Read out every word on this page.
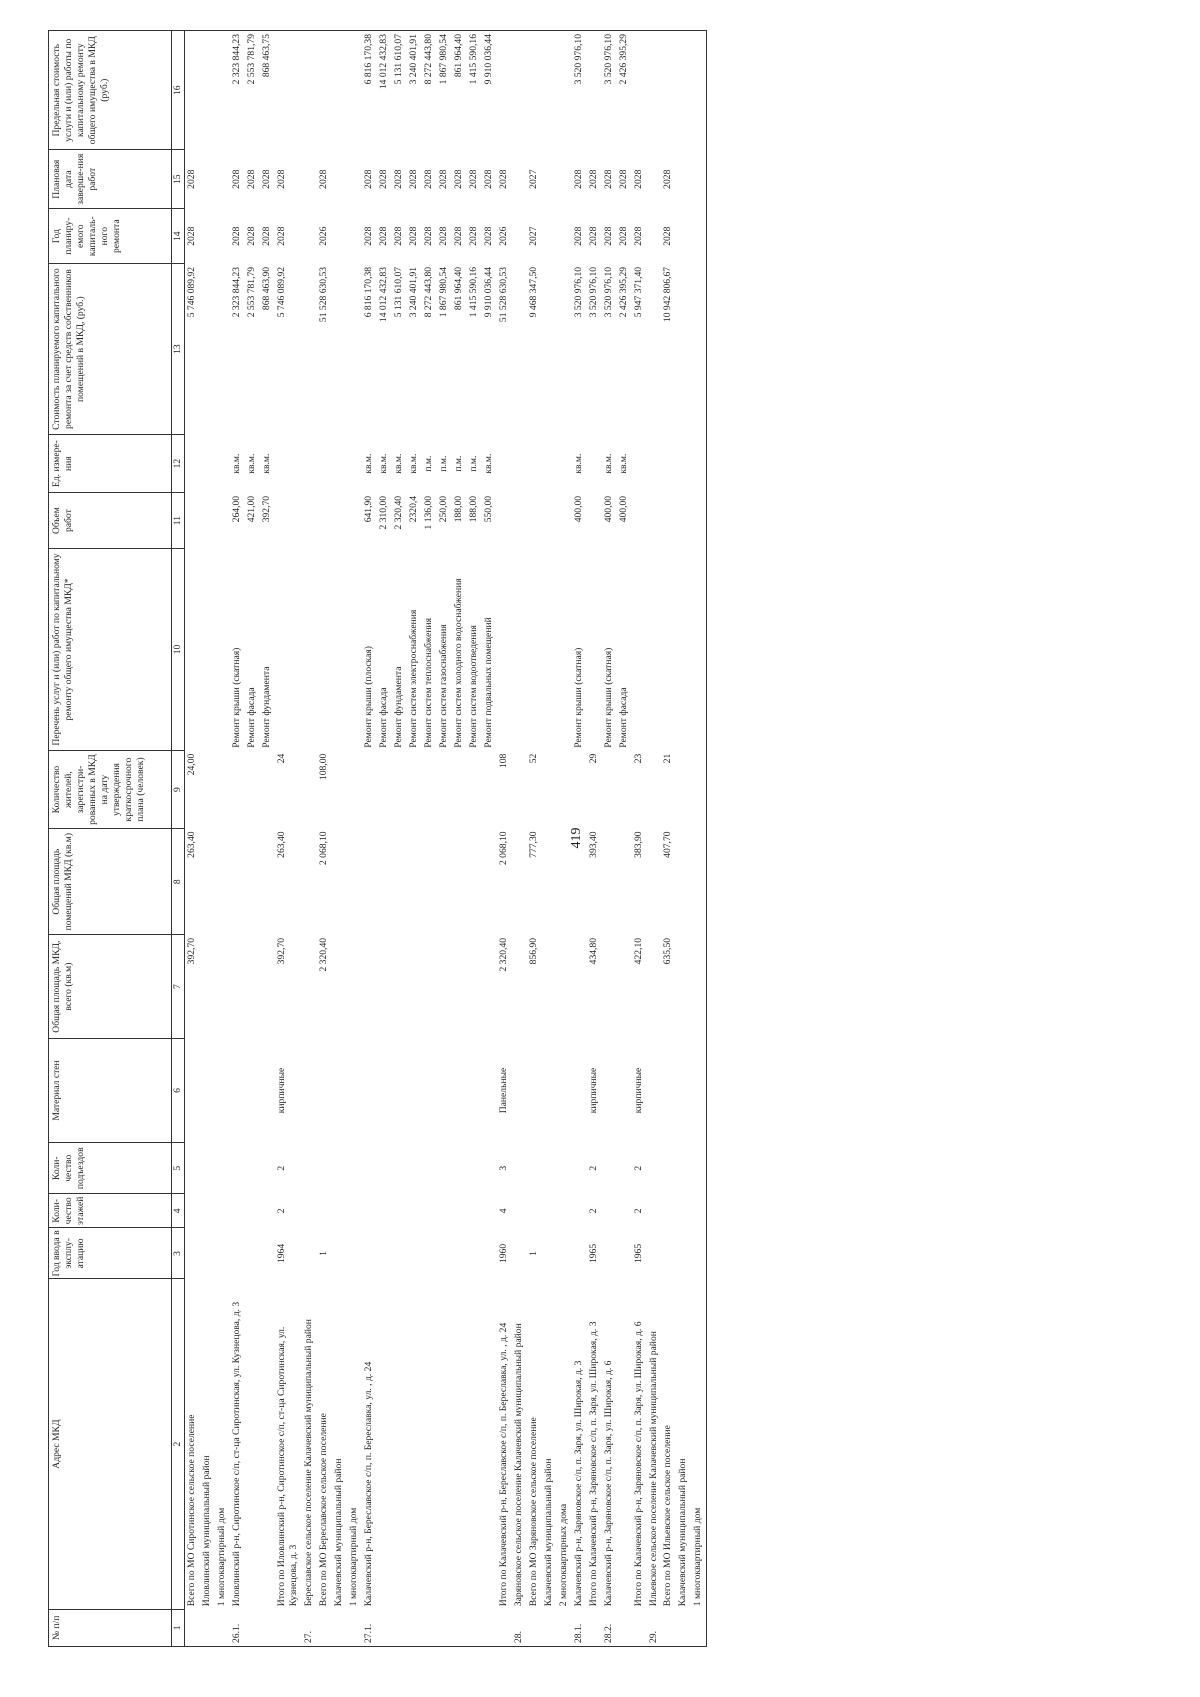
419
№ п/п	Адрес МКД	Год ввода в эксплу-атацию	Коли-чество этажей	Коли-чество подъездов	Материал стен	Общая площадь МКД, всего (кв.м)	Общая площадь помещений МКД (кв.м)	Количество жителей, зарегистри-рованных в МКД на дату утверждения краткосрочного плана (человек)	Перечень услуг и (или) работ по капитальному ремонту общего имущества МКД*	Объем работ	Ед. измере-ния	Стоимость планируемого капитального ремонта за счет средств собственников помещений в МКД, (руб.)	Год планиру-емого капиталь-ного ремонта	Плановая дата заверше-ния работ	Предельная стоимость услуги и (или) работы по капитальному ремонту общего имущества в МКД (руб.)
1	2	3	4	5	6	7	8	9	10	11	12	13	14	15	16
	Всего по МО Сиротинское сельское поселение					392,70	263,40	24,00				5 746 089,92	2028	2028	
	Иловлинский муниципальный район														
	1 многоквартирный дом														
26.1.	Иловлинский р-н, Сиротинское с/п, ст-ца Сиротинская, ул. Кузнецова, д. 3								Ремонт крыши (скатная)	264,00	кв.м.	2 323 844,23	2028	2028	2 323 844,23
									Ремонт фасада	421,00	кв.м.	2 553 781,79	2028	2028	2 553 781,79
									Ремонт фундамента	392,70	кв.м.	868 463,90	2028	2028	868 463,75
	Итого по Иловлинский р-н, Сиротинское с/п, ст-ца Сиротинская, ул. Кузнецова, д. 3	1964	2	2	кирпичные	392,70	263,40	24				5 746 089,92	2028	2028	
27.	Береславское сельское поселение Калачевский муниципальный район														
	Всего по МО Береславское сельское поселение	1				2 320,40	2 068,10	108,00				51 528 630,53	2026	2028	
	Калачевский муниципальный район														
	1 многоквартирный дом														
27.1.	Калачевский р-н, Береславское с/п, п. Береславка, ул. , д. 24								Ремонт крыши (плоская)	641,90	кв.м.	6 816 170,38	2028	2028	6 816 170,38
									Ремонт фасада	2 310,00	кв.м.	14 012 432,83	2028	2028	14 012 432,83
									Ремонт фундамента	2 320,40	кв.м.	5 131 610,07	2028	2028	5 131 610,07
									Ремонт систем электроснабжения	2320,4	кв.м.	3 240 401,91	2028	2028	3 240 401,91
									Ремонт систем теплоснабжения	1 136,00	п.м.	8 272 443,80	2028	2028	8 272 443,80
									Ремонт систем газоснабжения	250,00	п.м.	1 867 980,54	2028	2028	1 867 980,54
									Ремонт систем холодного водоснабжения	188,00	п.м.	861 964,40	2028	2028	861 964,40
									Ремонт систем водоотведения	188,00	п.м.	1 415 590,16	2028	2028	1 415 590,16
									Ремонт подвальных помещений	550,00	кв.м.	9 910 036,44	2028	2028	9 910 036,44
	Итого по Калачевский р-н, Береславское с/п, п. Береславка, ул. , д. 24	1960	4	3	Панельные	2 320,40	2 068,10	108				51 528 630,53	2026	2028	
28.	Заряновское сельское поселение Калачевский муниципальный район														
	Всего по МО Заряновское сельское поселение	1				856,90	777,30	52				9 468 347,50	2027	2027	
	Калачевский муниципальный район														
	2 многоквартирных дома														
28.1.	Калачевский р-н, Заряновское с/п, п. Заря, ул. Широкая, д. 3								Ремонт крыши (скатная)	400,00	кв.м.	3 520 976,10	2028	2028	3 520 976,10
	Итого по Калачевский р-н, Заряновское с/п, п. Заря, ул. Широкая, д. 3	1965	2	2	кирпичные	434,80	393,40	29				3 520 976,10	2028	2028	
28.2.	Калачевский р-н, Заряновское с/п, п. Заря, ул. Широкая, д. 6								Ремонт крыши (скатная)	400,00	кв.м.	3 520 976,10	2028	2028	3 520 976,10
									Ремонт фасада	400,00	кв.м.	2 426 395,29	2028	2028	2 426 395,29
	Итого по Калачевский р-н, Заряновское с/п, п. Заря, ул. Широкая, д. 6	1965	2	2	кирпичные	422,10	383,90	23				5 947 371,40	2028	2028	
29.	Ильевское сельское поселение Калачевский муниципальный район														
	Всего по МО Ильевское сельское поселение					635,50	407,70	21				10 942 806,67	2028	2028	
	Калачевский муниципальный район														
	1 многоквартирный дом														
